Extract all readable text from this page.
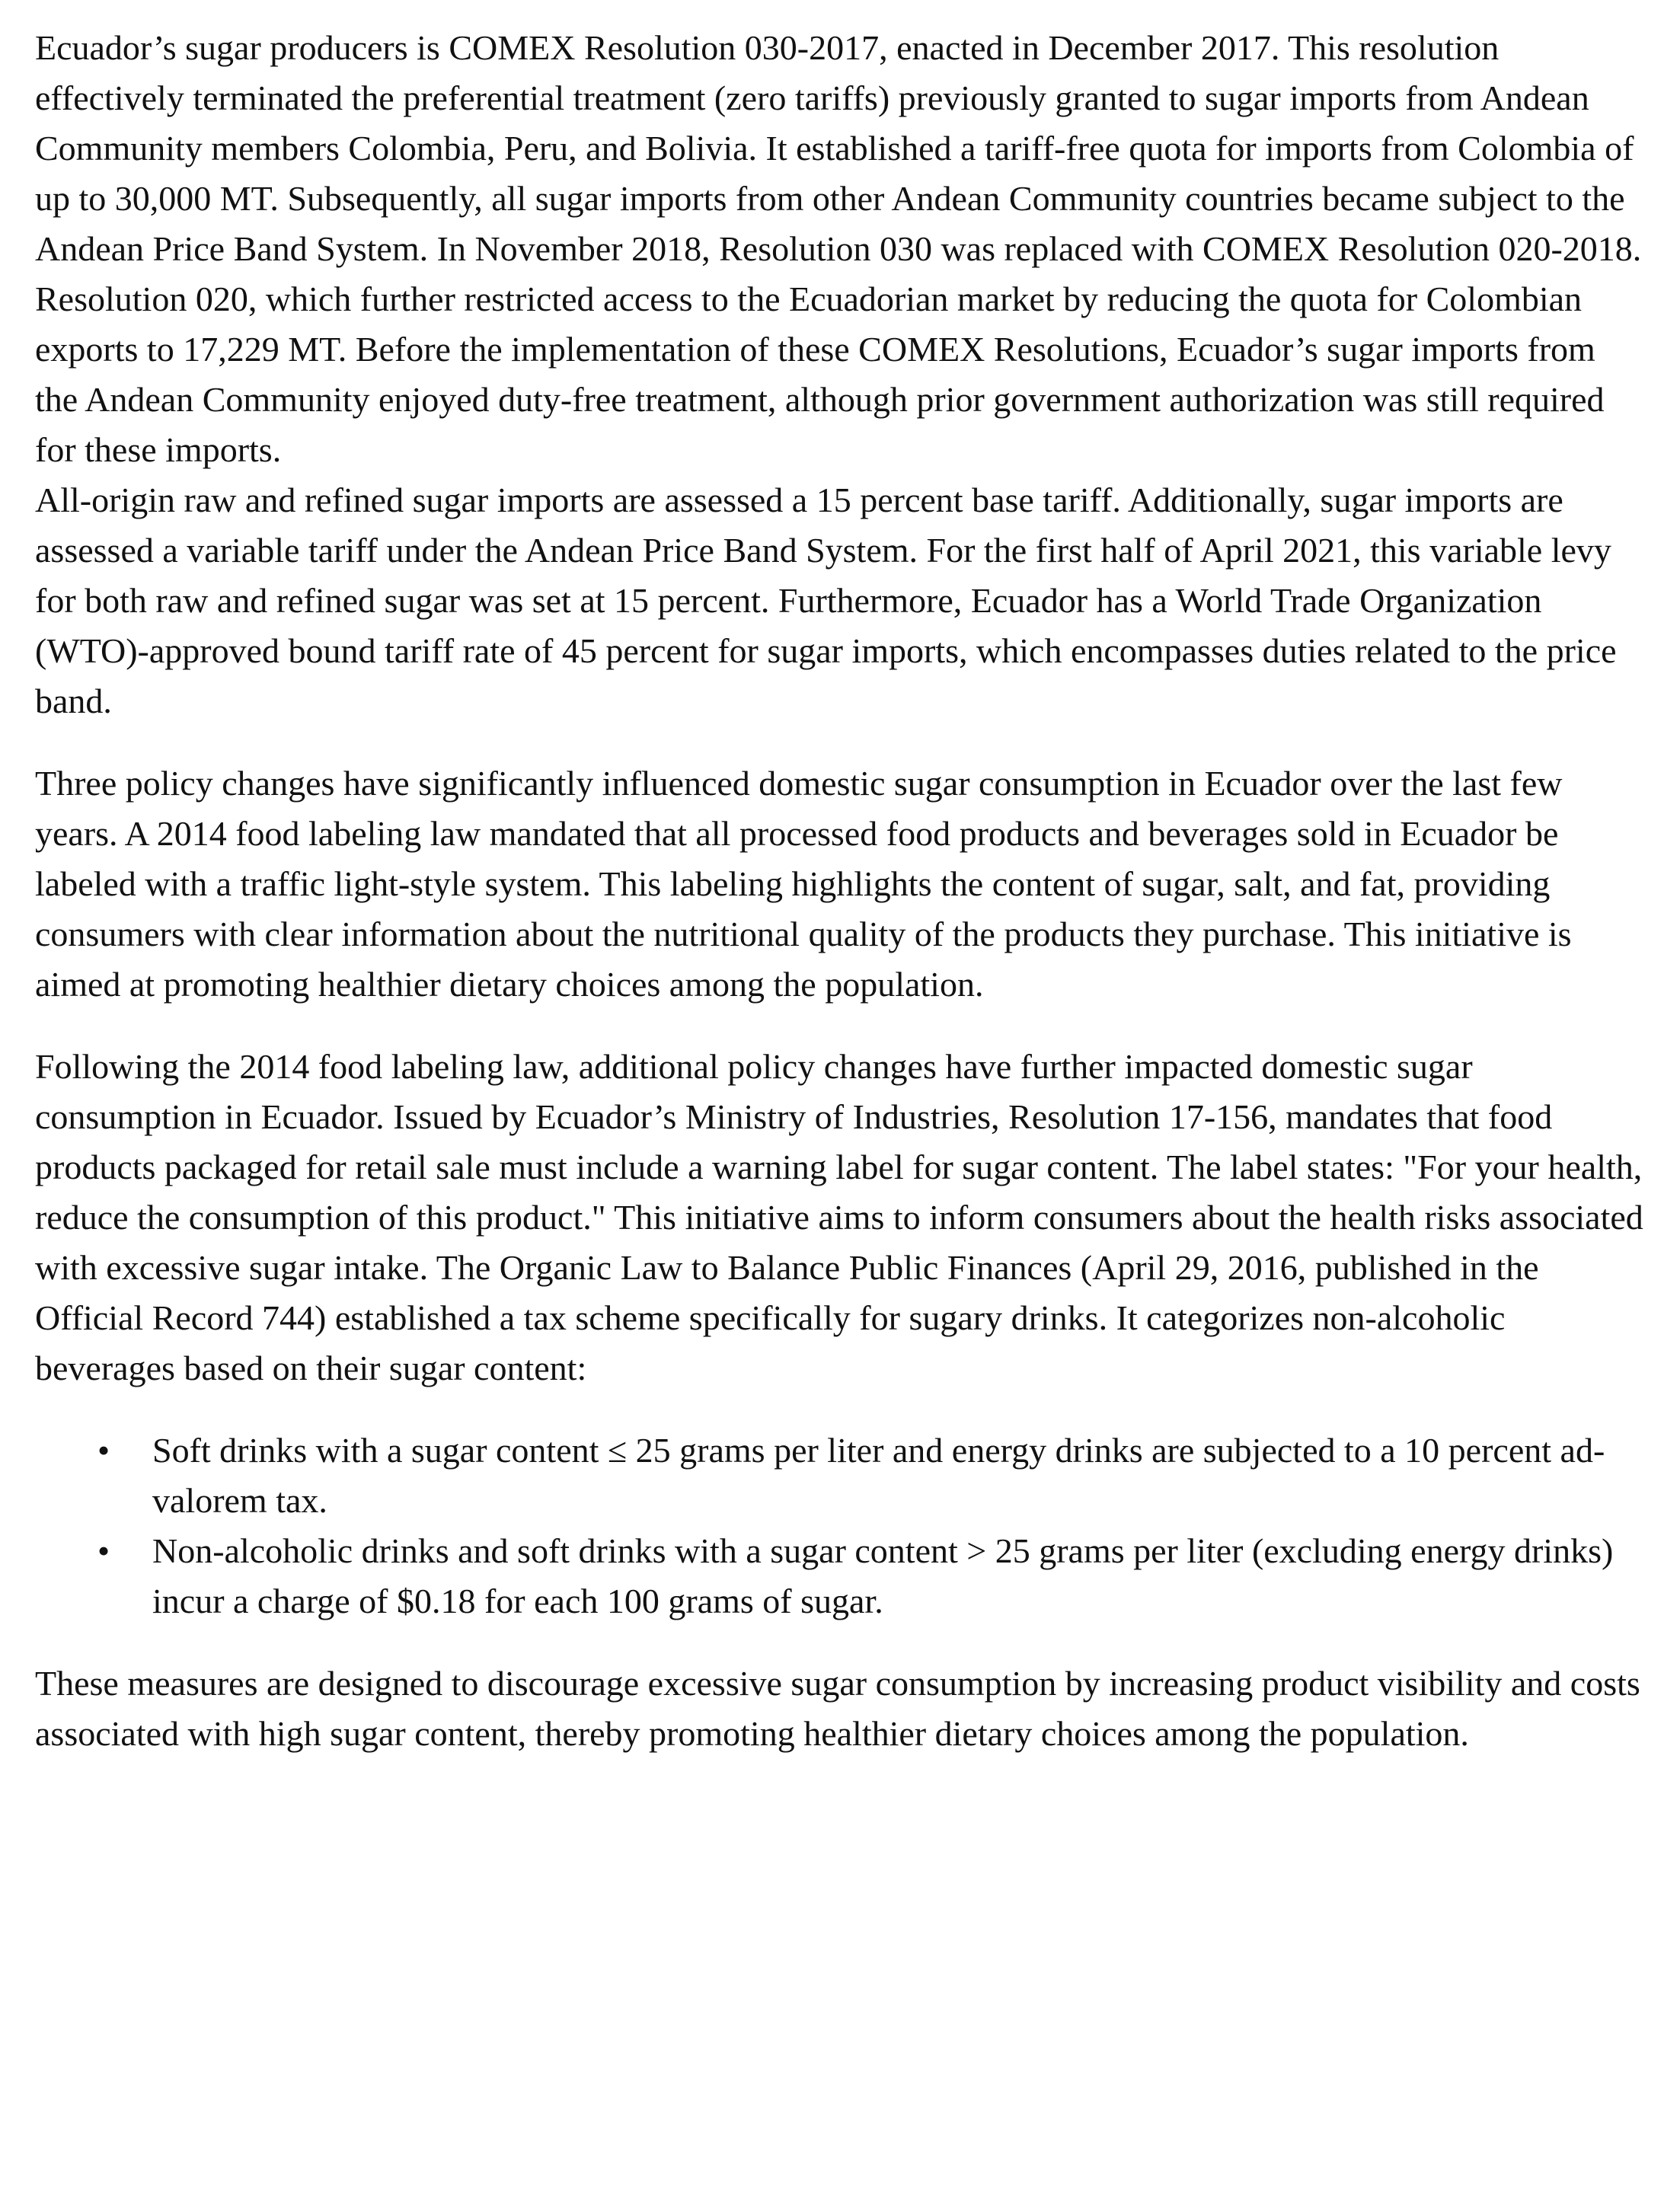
Ecuador’s sugar producers is COMEX Resolution 030-2017, enacted in December 2017. This resolution effectively terminated the preferential treatment (zero tariffs) previously granted to sugar imports from Andean Community members Colombia, Peru, and Bolivia. It established a tariff-free quota for imports from Colombia of up to 30,000 MT. Subsequently, all sugar imports from other Andean Community countries became subject to the Andean Price Band System. In November 2018, Resolution 030 was replaced with COMEX Resolution 020-2018. Resolution 020, which further restricted access to the Ecuadorian market by reducing the quota for Colombian exports to 17,229 MT. Before the implementation of these COMEX Resolutions, Ecuador’s sugar imports from the Andean Community enjoyed duty-free treatment, although prior government authorization was still required for these imports.

All-origin raw and refined sugar imports are assessed a 15 percent base tariff. Additionally, sugar imports are assessed a variable tariff under the Andean Price Band System. For the first half of April 2021, this variable levy for both raw and refined sugar was set at 15 percent. Furthermore, Ecuador has a World Trade Organization (WTO)-approved bound tariff rate of 45 percent for sugar imports, which encompasses duties related to the price band.

Three policy changes have significantly influenced domestic sugar consumption in Ecuador over the last few years. A 2014 food labeling law mandated that all processed food products and beverages sold in Ecuador be labeled with a traffic light-style system. This labeling highlights the content of sugar, salt, and fat, providing consumers with clear information about the nutritional quality of the products they purchase. This initiative is aimed at promoting healthier dietary choices among the population.

Following the 2014 food labeling law, additional policy changes have further impacted domestic sugar consumption in Ecuador. Issued by Ecuador’s Ministry of Industries, Resolution 17-156, mandates that food products packaged for retail sale must include a warning label for sugar content. The label states: "For your health, reduce the consumption of this product." This initiative aims to inform consumers about the health risks associated with excessive sugar intake. The Organic Law to Balance Public Finances (April 29, 2016, published in the Official Record 744) established a tax scheme specifically for sugary drinks. It categorizes non-alcoholic beverages based on their sugar content:

• Soft drinks with a sugar content ≤ 25 grams per liter and energy drinks are subjected to a 10 percent ad-valorem tax.
• Non-alcoholic drinks and soft drinks with a sugar content > 25 grams per liter (excluding energy drinks) incur a charge of $0.18 for each 100 grams of sugar.

These measures are designed to discourage excessive sugar consumption by increasing product visibility and costs associated with high sugar content, thereby promoting healthier dietary choices among the population.
